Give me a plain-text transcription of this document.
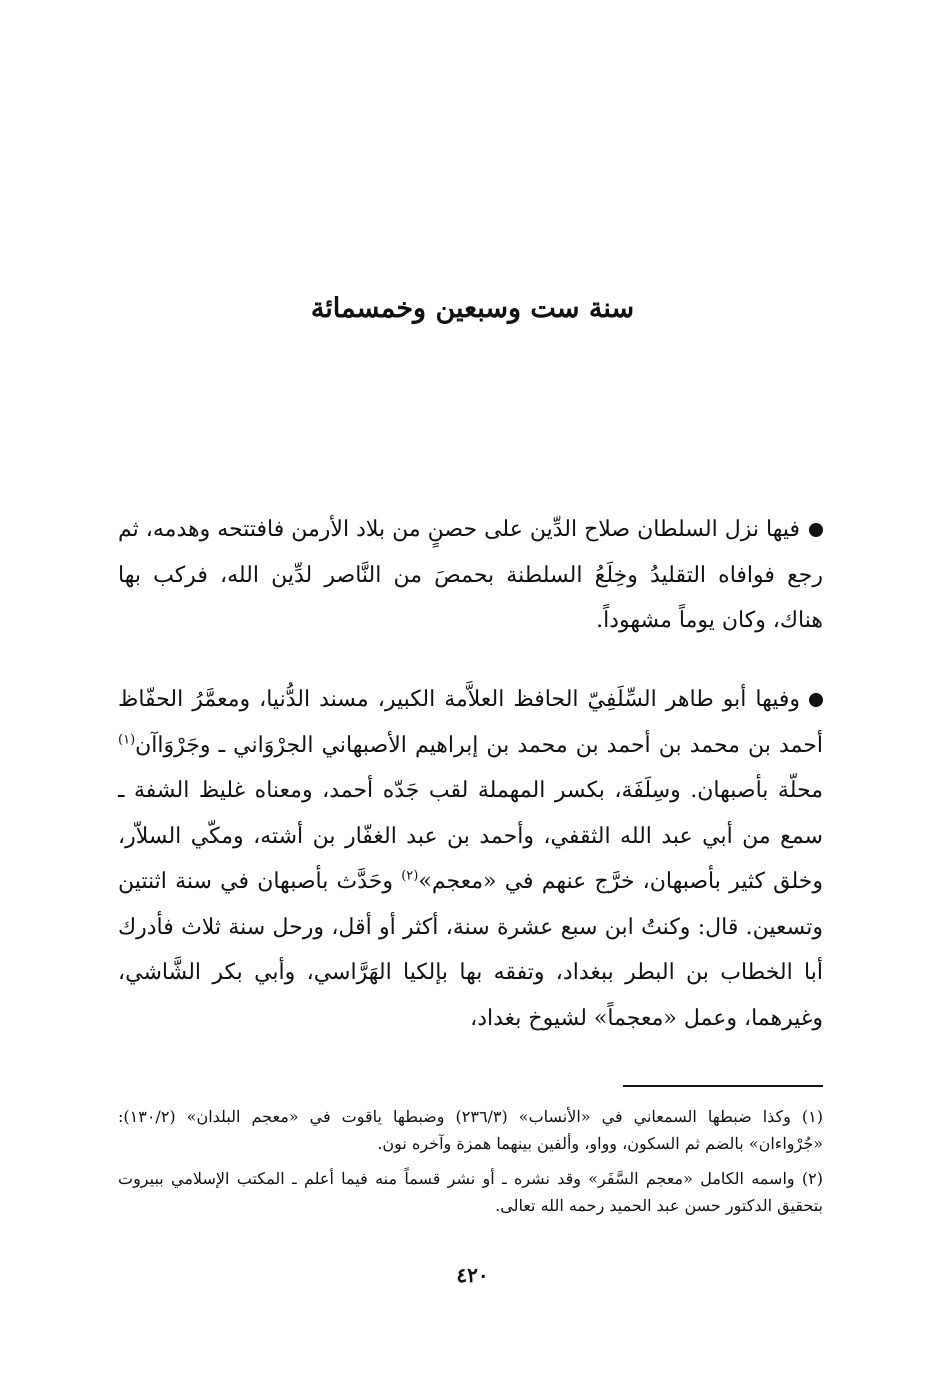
سنة ست وسبعين وخمسمائة

فيها نزل السلطان صلاح الدِّين على حصنٍ من بلاد الأرمن فافتتحه وهدمه، ثم رجع فوافاه التقليدُ وخِلَعُ السلطنة بحمصَ من النَّاصر لدِّين الله، فركب بها هناك، وكان يوماً مشهوداً.

وفيها أبو طاهر السِّلَفِيّ الحافظ العلاَّمة الكبير، مسند الدُّنيا، ومعمَّرُ الحفّاظ أحمد بن محمد بن أحمد بن محمد بن إبراهيم الأصبهاني الجرْوَاني ـ وجَرْوَاآن$^{(١)}$ محلّة بأصبهان. وسِلَفَة، بكسر المهملة لقب جَدّه أحمد، ومعناه غليظ الشفة ـ سمع من أبي عبد الله الثقفي، وأحمد بن عبد الغفّار بن أشته، ومكّي السلاّر، وخلق كثير بأصبهان، خرَّج عنهم في «معجم»$^{(٢)}$ وحَدَّث بأصبهان في سنة اثنتين وتسعين. قال: وكنتُ ابن سبع عشرة سنة، أكثر أو أقل، ورحل سنة ثلاث فأدرك أبا الخطاب بن البطر ببغداد، وتفقه بها بإلكيا الهَرَّاسي، وأبي بكر الشَّاشي، وغيرهما، وعمل «معجماً» لشيوخ بغداد،

(١) وكذا ضبطها السمعاني في «الأنساب» (٢٣٦/٣) وضبطها ياقوت في «معجم البلدان» (١٣٠/٢): «جُرْواءان» بالضم ثم السكون، وواو، وألفين بينهما همزة وآخره نون.

(٢) واسمه الكامل «معجم السَّفَر» وقد نشره ـ أو نشر قسماً منه فيما أعلم ـ المكتب الإسلامي ببيروت بتحقيق الدكتور حسن عبد الحميد رحمه الله تعالى.

٤٢٠
